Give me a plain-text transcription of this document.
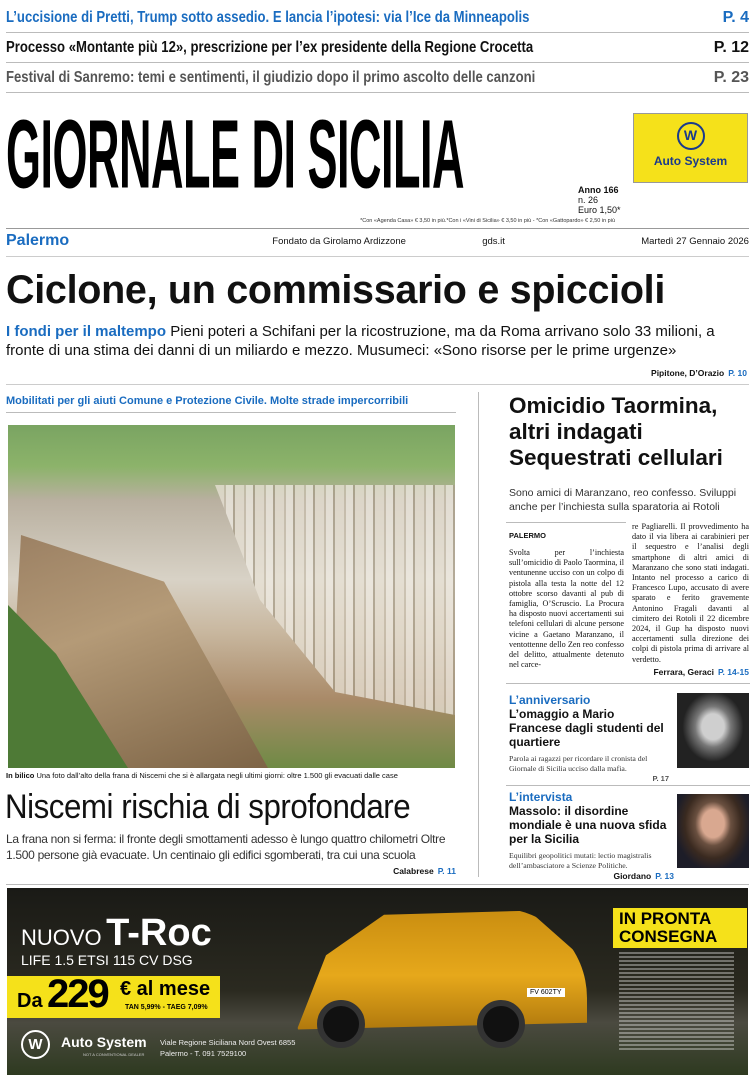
L’uccisione di Pretti, Trump sotto assedio. E lancia l’ipotesi: via l’Ice da Minneapolis	P. 4
Processo «Montante più 12», prescrizione per l’ex presidente della Regione Crocetta	P. 12
Festival di Sanremo: temi e sentimenti, il giudizio dopo il primo ascolto delle canzoni	P. 23
GIORNALE DI SICILIA	W
Auto System
Anno 166
n. 26
Euro 1,50*
*Con «Agenda Casa» € 3,50 in più.*Con i «Vini di Sicilia» € 3,50 in più - *Con «Gattopardo» € 2,50 in più
Palermo	Fondato da Girolamo Ardizzone	gds.it	Martedì 27 Gennaio 2026
Ciclone, un commissario e spiccioli
I fondi per il maltempo Pieni poteri a Schifani per la ricostruzione, ma da Roma arrivano solo 33 milioni, a fronte di una stima dei danni di un miliardo e mezzo. Musumeci: «Sono risorse per le prime urgenze»
Pipitone, D’Orazio P. 10
Mobilitati per gli aiuti Comune e Protezione Civile. Molte strade impercorribili
In bilico Una foto dall’alto della frana di Niscemi che si è allargata negli ultimi giorni: oltre 1.500 gli evacuati dalle case
Niscemi rischia di sprofondare
La frana non si ferma: il fronte degli smottamenti adesso è lungo quattro chilometri Oltre 1.500 persone già evacuate. Un centinaio gli edifici sgomberati, tra cui una scuola
Calabrese P. 11
Omicidio Taormina, altri indagati Sequestrati cellulari
Sono amici di Maranzano, reo confesso. Sviluppi anche per l’inchiesta sulla sparatoria ai Rotoli
PALERMO
Svolta per l’inchiesta sull’omicidio di Paolo Taormina, il ventunenne ucciso con un colpo di pistola alla testa la notte del 12 ottobre scorso davanti al pub di famiglia, O’Scruscio. La Procura ha disposto nuovi accertamenti sui telefoni cellulari di alcune persone vicine a Gaetano Maranzano, il ventottenne dello Zen reo confesso del delitto, attualmente detenuto nel carce-
re Pagliarelli. Il provvedimento ha dato il via libera ai carabinieri per il sequestro e l’analisi degli smartphone di altri amici di Maranzano che sono stati indagati. Intanto nel processo a carico di Francesco Lupo, accusato di avere sparato e ferito gravemente Antonino Fragali davanti al cimitero dei Rotoli il 22 dicembre 2024, il Gup ha disposto nuovi accertamenti sulla direzione dei colpi di pistola prima di arrivare al verdetto.
Ferrara, Geraci P. 14-15
L’anniversario
L’omaggio a Mario Francese dagli studenti del quartiere
Parola ai ragazzi per ricordare il cronista del Giornale di Sicilia ucciso dalla mafia.
P. 17
L’intervista
Massolo: il disordine mondiale è una nuova sfida per la Sicilia
Equilibri geopolitici mutati: lectio magistralis dell’ambasciatore a Scienze Politiche.
Giordano P. 13
NUOVO T-Roc
LIFE 1.5 ETSI 115 CV DSG
Da 229 € al mese
TAN 5,99% - TAEG 7,09%
W	Auto System
NOT A CONVENTIONAL DEALER
Viale Regione Siciliana Nord Ovest 6855
Palermo - T. 091 7529100
FV 602TY
IN PRONTA CONSEGNA
